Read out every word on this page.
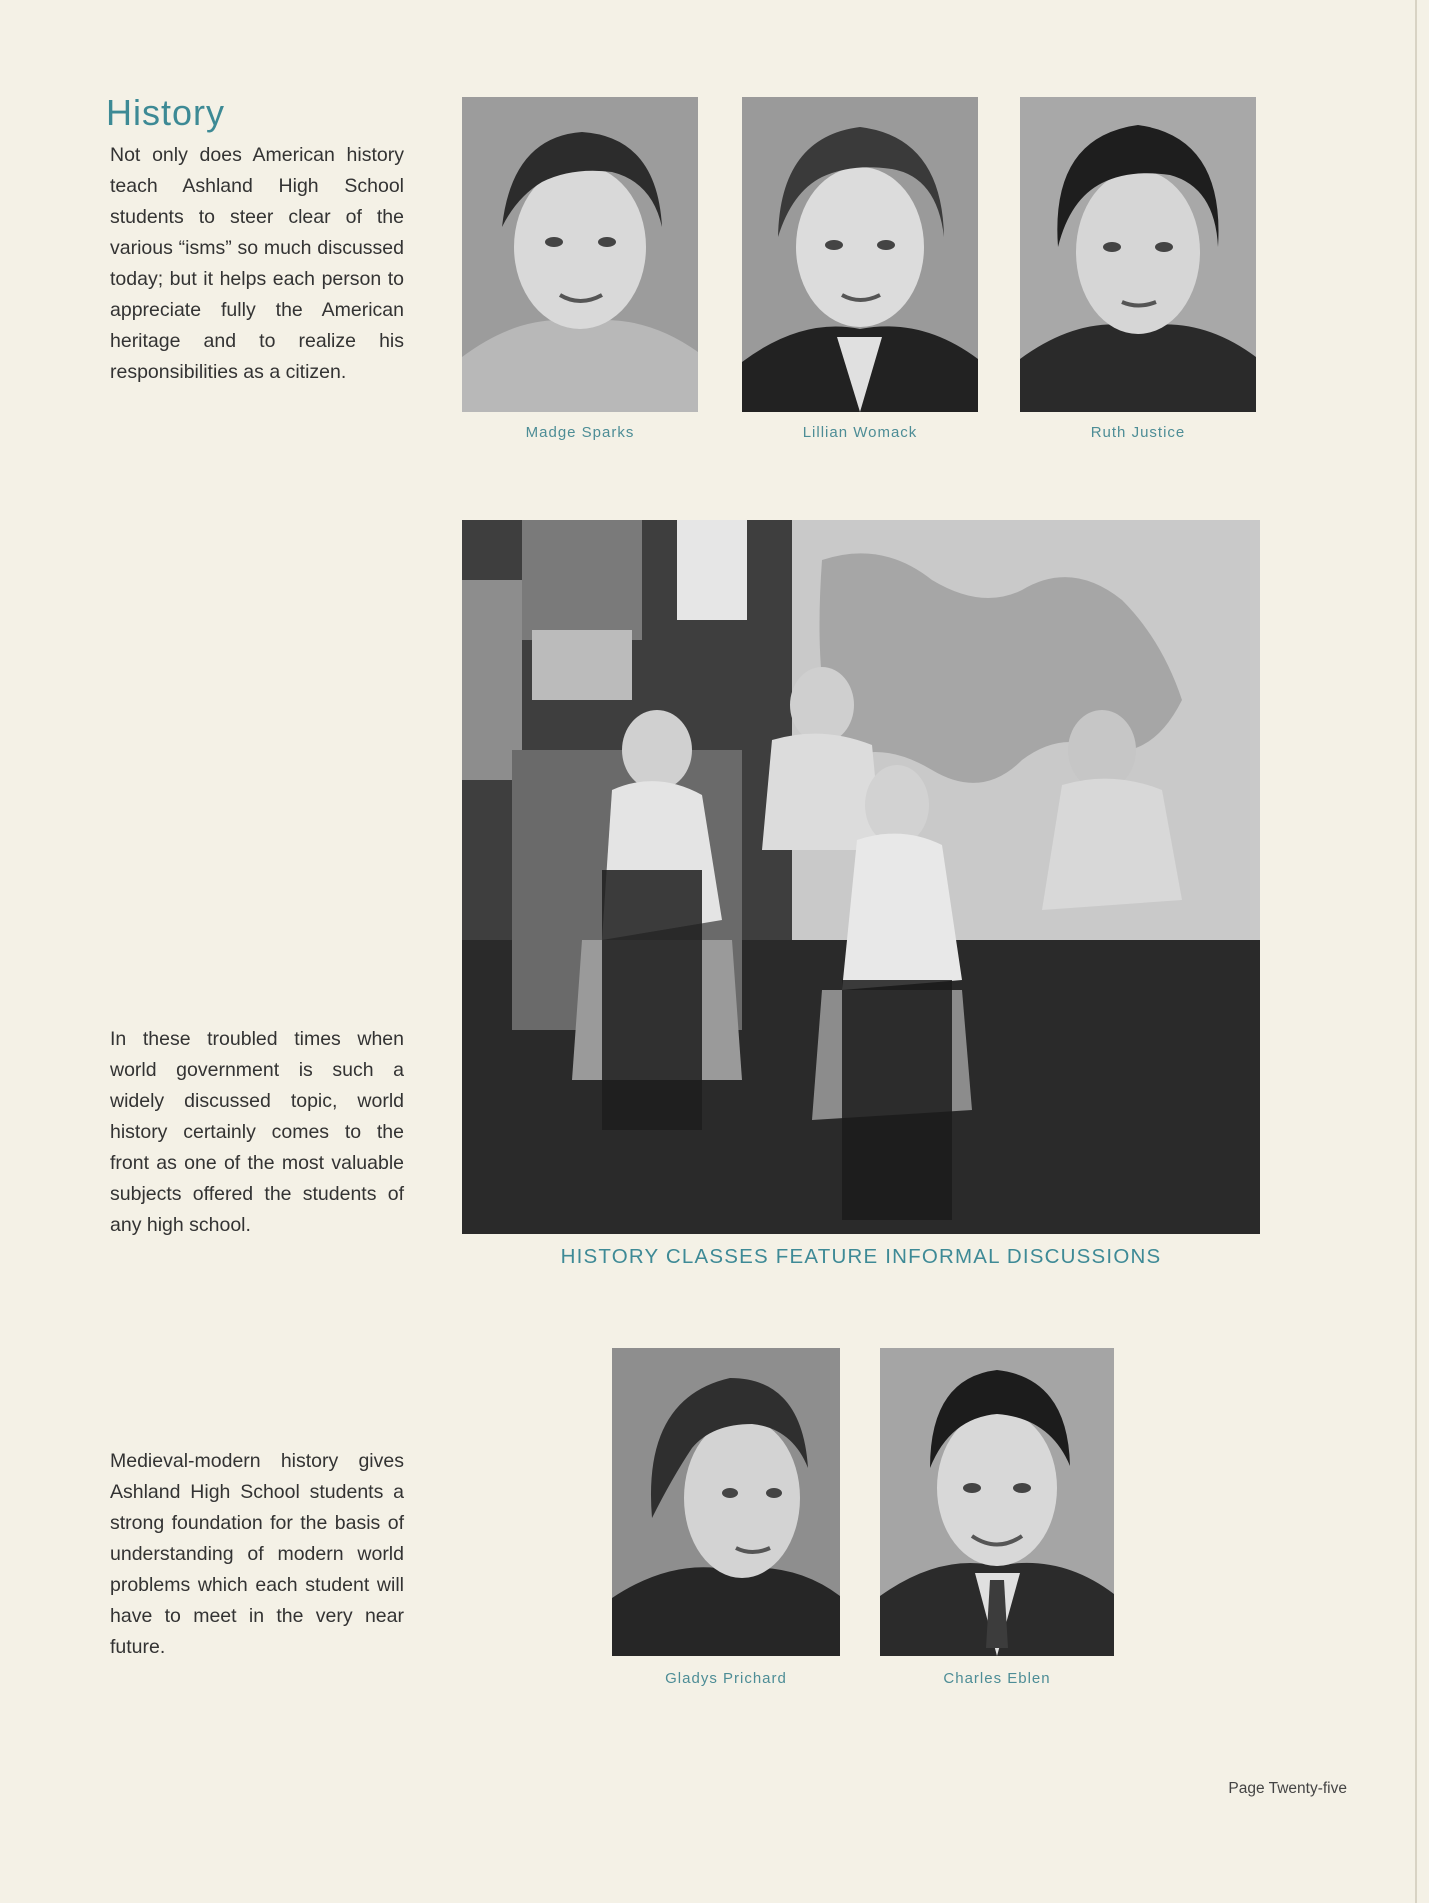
History

Not only does American history teach Ashland High School students to steer clear of the various “isms” so much discussed today; but it helps each person to appreciate fully the American heritage and to realize his responsibilities as a citizen.

In these troubled times when world government is such a widely discussed topic, world history certainly comes to the front as one of the most valuable subjects offered the students of any high school.

Medieval-modern history gives Ashland High School students a strong foundation for the basis of understanding of modern world problems which each student will have to meet in the very near future.

Madge Sparks	Lillian Womack	Ruth Justice
HISTORY CLASSES FEATURE INFORMAL DISCUSSIONS
Gladys Prichard	Charles Eblen
Page Twenty-five
